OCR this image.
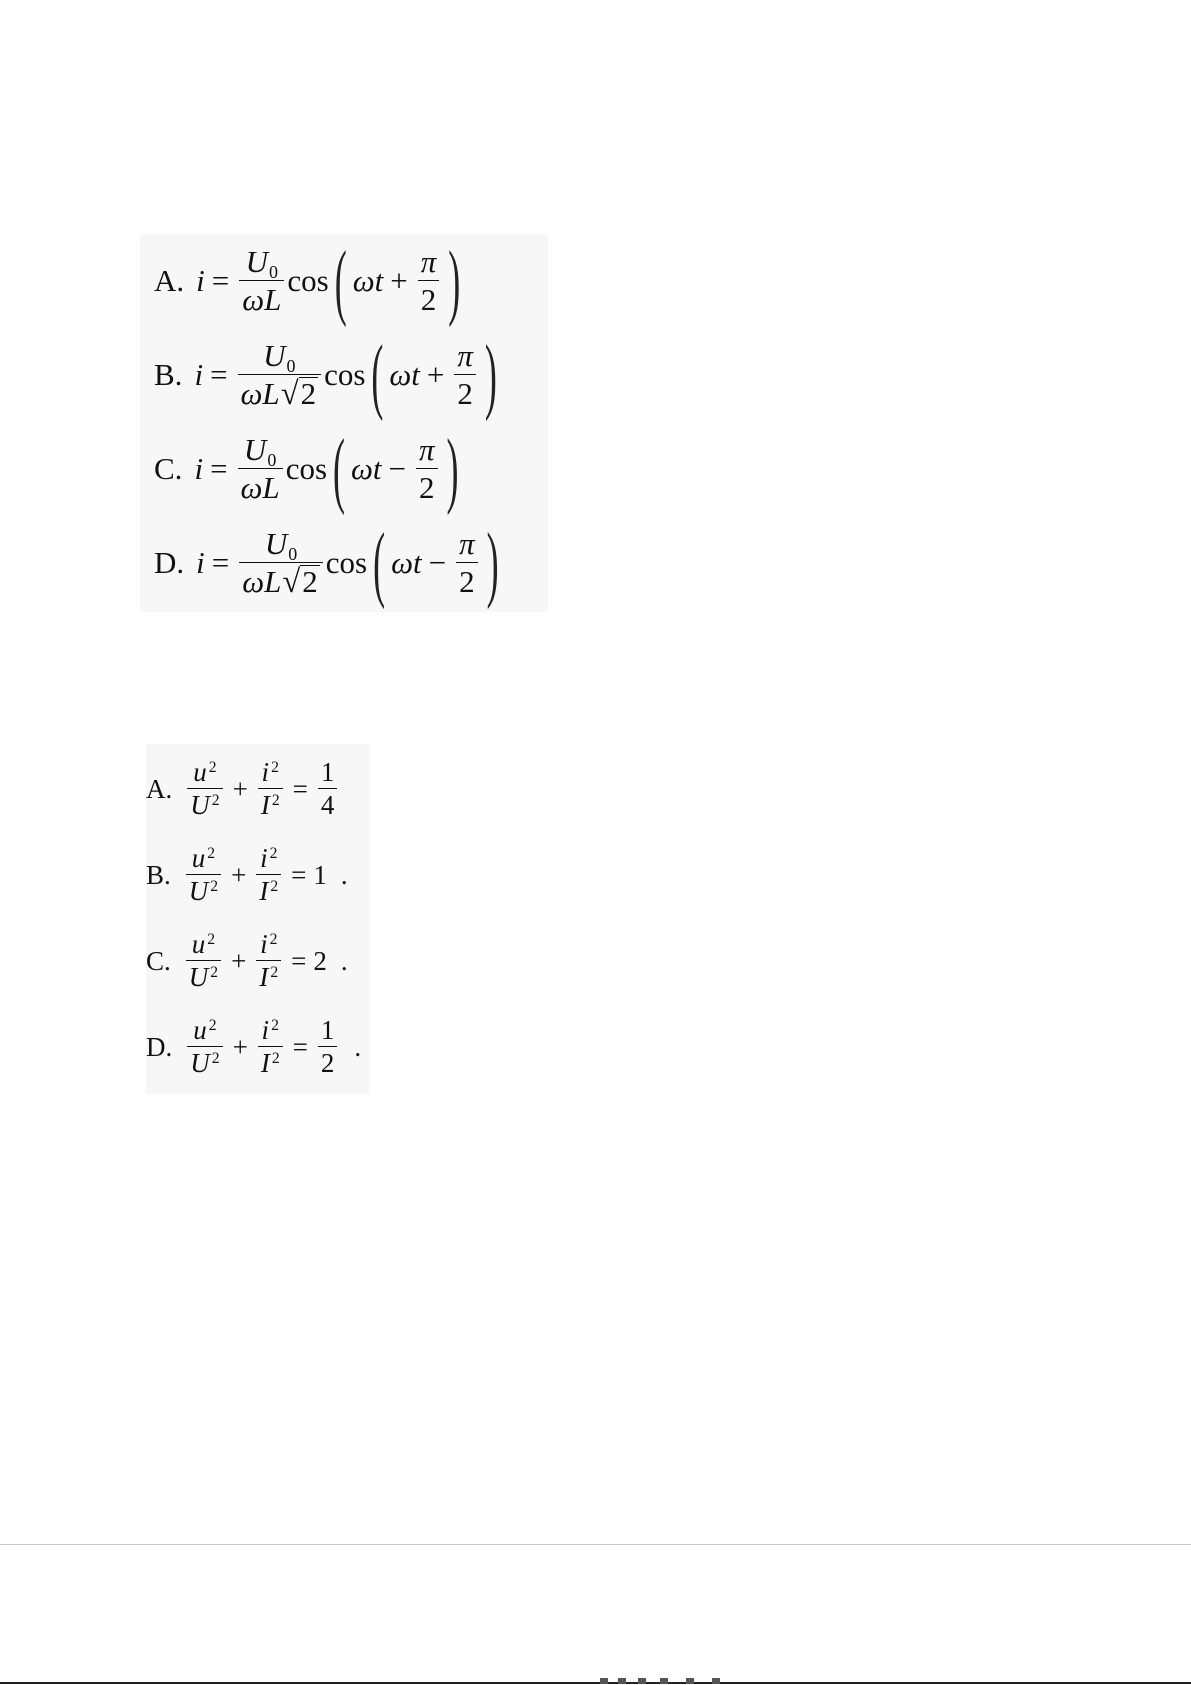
A. $i = \frac{U_0}{\omega L}$ cos ( $\omega t + \frac{\pi}{2}$ )
B. $i = \frac{U_0}{\omega L √ 2}$ cos ( $\omega t + \frac{\pi}{2}$ )
C. $i = \frac{U_0}{\omega L}$ cos ( $\omega t - \frac{\pi}{2}$ )
D. $i = \frac{U_0}{\omega L √ 2}$ cos ( $\omega t - \frac{\pi}{2}$ )
A. $\frac{u ^2}{U ^2} + \frac{i ^2}{I ^2} = \frac{1}{4}$
B. $\frac{u ^2}{U ^2} + \frac{i ^2}{I ^2} = 1$ .
C. $\frac{u ^2}{U ^2} + \frac{i ^2}{I ^2} = 2$ .
D. $\frac{u ^2}{U ^2} + \frac{i ^2}{I ^2} = \frac{1}{2}$ .
